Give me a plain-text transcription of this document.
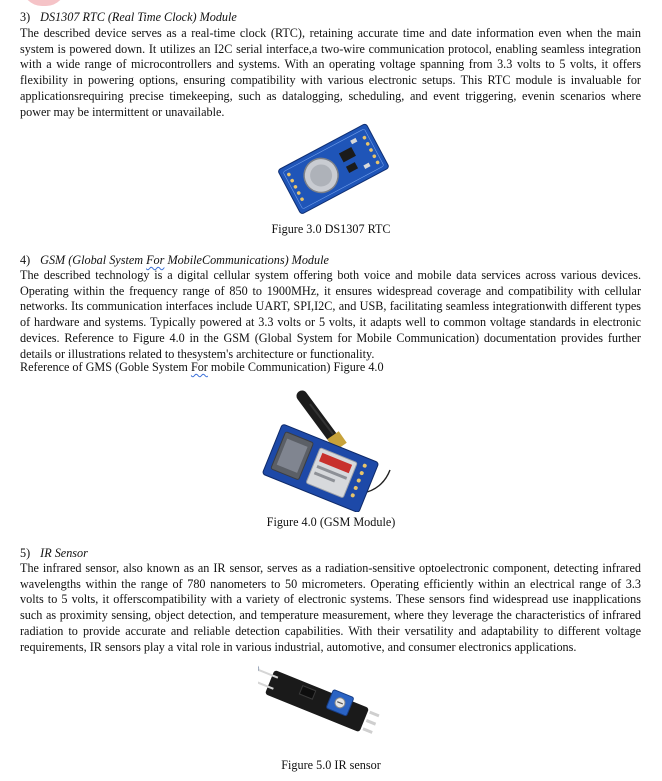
3) DS1307 RTC (Real Time Clock) Module

The described device serves as a real-time clock (RTC), retaining accurate time and date information even when the main system is powered down. It utilizes an I2C serial interface,a two-wire communication protocol, enabling seamless integration with a wide range of microcontrollers and systems. With an operating voltage spanning from 3.3 volts to 5 volts, it offers flexibility in powering options, ensuring compatibility with various electronic setups. This RTC module is invaluable for applicationsrequiring precise timekeeping, such as datalogging, scheduling, and event triggering, evenin scenarios where power may be intermittent or unavailable.

Figure 3.0 DS1307 RTC
4) GSM (Global System For MobileCommunications) Module

The described technology is a digital cellular system offering both voice and mobile data services across various devices. Operating within the frequency range of 850 to 1900MHz, it ensures widespread coverage and compatibility with cellular networks. Its communication interfaces include UART, SPI,I2C, and USB, facilitating seamless integrationwith different types of hardware and systems. Typically powered at 3.3 volts or 5 volts, it adapts well to common voltage standards in electronic devices. Reference to Figure 4.0 in the GSM (Global System for Mobile Communication) documentation provides further details or illustrations related to thesystem's architecture or functionality.

Reference of GMS (Goble System For mobile Communication) Figure 4.0
Figure 4.0 (GSM Module)
5) IR Sensor

The infrared sensor, also known as an IR sensor, serves as a radiation-sensitive optoelectronic component, detecting infrared wavelengths within the range of 780 nanometers to 50 micrometers. Operating efficiently within an electrical range of 3.3 volts to 5 volts, it offerscompatibility with a variety of electronic systems. These sensors find widespread use inapplications such as proximity sensing, object detection, and temperature measurement, where they leverage the characteristics of infrared radiation to provide accurate and reliable detection capabilities. With their versatility and adaptability to different voltage requirements, IR sensors play a vital role in various industrial, automotive, and consumer electronics applications.

Figure 5.0 IR sensor
